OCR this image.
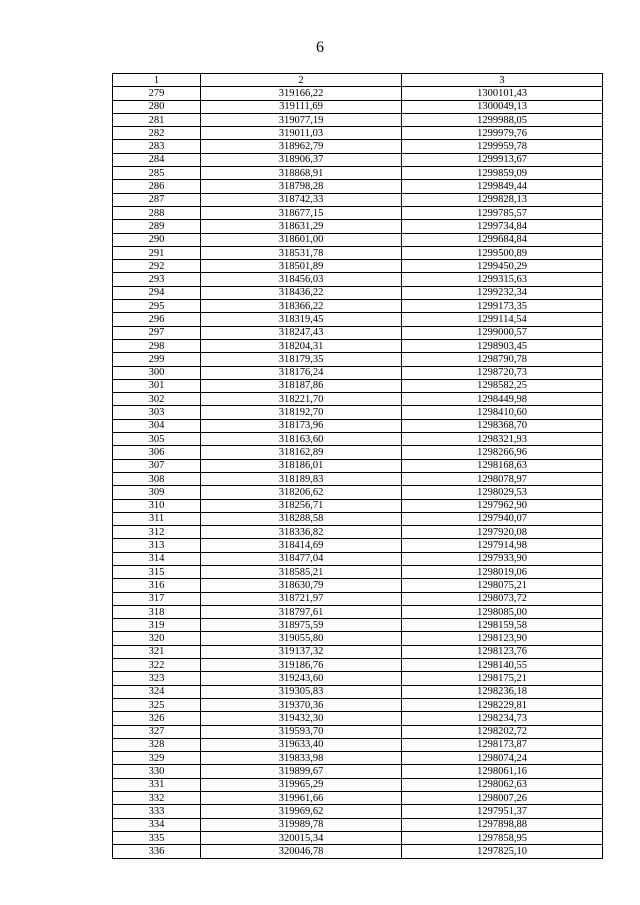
6
1	2	3
279	319166,22	1300101,43
280	319111,69	1300049,13
281	319077,19	1299988,05
282	319011,03	1299979,76
283	318962,79	1299959,78
284	318906,37	1299913,67
285	318868,91	1299859,09
286	318798,28	1299849,44
287	318742,33	1299828,13
288	318677,15	1299785,57
289	318631,29	1299734,84
290	318601,00	1299684,84
291	318531,78	1299500,89
292	318501,89	1299450,29
293	318456,03	1299315,63
294	318436,22	1299232,34
295	318366,22	1299173,35
296	318319,45	1299114,54
297	318247,43	1299000,57
298	318204,31	1298903,45
299	318179,35	1298790,78
300	318176,24	1298720,73
301	318187,86	1298582,25
302	318221,70	1298449,98
303	318192,70	1298410,60
304	318173,96	1298368,70
305	318163,60	1298321,93
306	318162,89	1298266,96
307	318186,01	1298168,63
308	318189,83	1298078,97
309	318206,62	1298029,53
310	318256,71	1297962,90
311	318288,58	1297940,07
312	318336,82	1297920,08
313	318414,69	1297914,98
314	318477,04	1297933,90
315	318585,21	1298019,06
316	318630,79	1298075,21
317	318721,97	1298073,72
318	318797,61	1298085,00
319	318975,59	1298159,58
320	319055,80	1298123,90
321	319137,32	1298123,76
322	319186,76	1298140,55
323	319243,60	1298175,21
324	319305,83	1298236,18
325	319370,36	1298229,81
326	319432,30	1298234,73
327	319593,70	1298202,72
328	319633,40	1298173,87
329	319833,98	1298074,24
330	319899,67	1298061,16
331	319965,29	1298062,63
332	319961,66	1298007,26
333	319969,62	1297951,37
334	319989,78	1297898,88
335	320015,34	1297858,95
336	320046,78	1297825,10
